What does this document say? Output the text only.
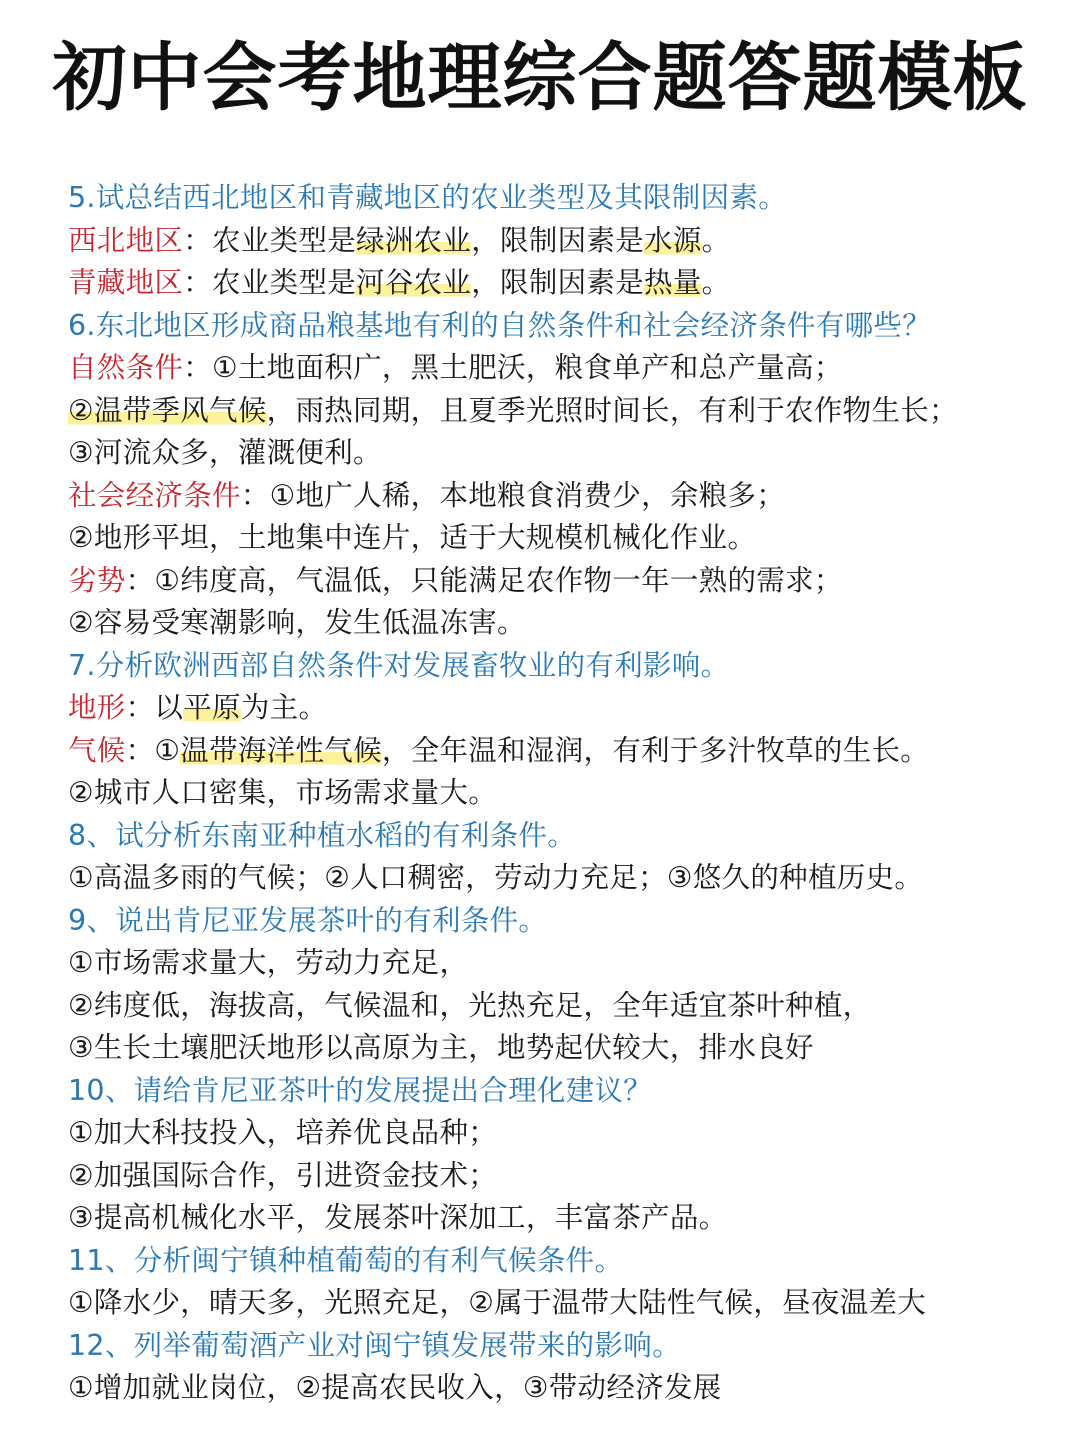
初中会考地理综合题答题模板
5.试总结西北地区和青藏地区的农业类型及其限制因素。
西北地区：农业类型是绿洲农业，限制因素是水源。
青藏地区：农业类型是河谷农业，限制因素是热量。
6.东北地区形成商品粮基地有利的自然条件和社会经济条件有哪些？
自然条件：①土地面积广，黑土肥沃，粮食单产和总产量高；
②温带季风气候，雨热同期，且夏季光照时间长，有利于农作物生长；
③河流众多，灌溉便利。
社会经济条件：①地广人稀，本地粮食消费少，余粮多；
②地形平坦，土地集中连片，适于大规模机械化作业。
劣势：①纬度高，气温低，只能满足农作物一年一熟的需求；
②容易受寒潮影响，发生低温冻害。
7.分析欧洲西部自然条件对发展畜牧业的有利影响。
地形：以平原为主。
气候：①温带海洋性气候，全年温和湿润，有利于多汁牧草的生长。
②城市人口密集，市场需求量大。
8、试分析东南亚种植水稻的有利条件。
①高温多雨的气候；②人口稠密，劳动力充足；③悠久的种植历史。
9、说出肯尼亚发展茶叶的有利条件。
①市场需求量大，劳动力充足，
②纬度低，海拔高，气候温和，光热充足，全年适宜茶叶种植，
③生长土壤肥沃地形以高原为主，地势起伏较大，排水良好
10、请给肯尼亚茶叶的发展提出合理化建议？
①加大科技投入，培养优良品种；
②加强国际合作，引进资金技术；
③提高机械化水平，发展茶叶深加工，丰富茶产品。
11、分析闽宁镇种植葡萄的有利气候条件。
①降水少，晴天多，光照充足，②属于温带大陆性气候，昼夜温差大
12、列举葡萄酒产业对闽宁镇发展带来的影响。
①增加就业岗位，②提高农民收入，③带动经济发展
